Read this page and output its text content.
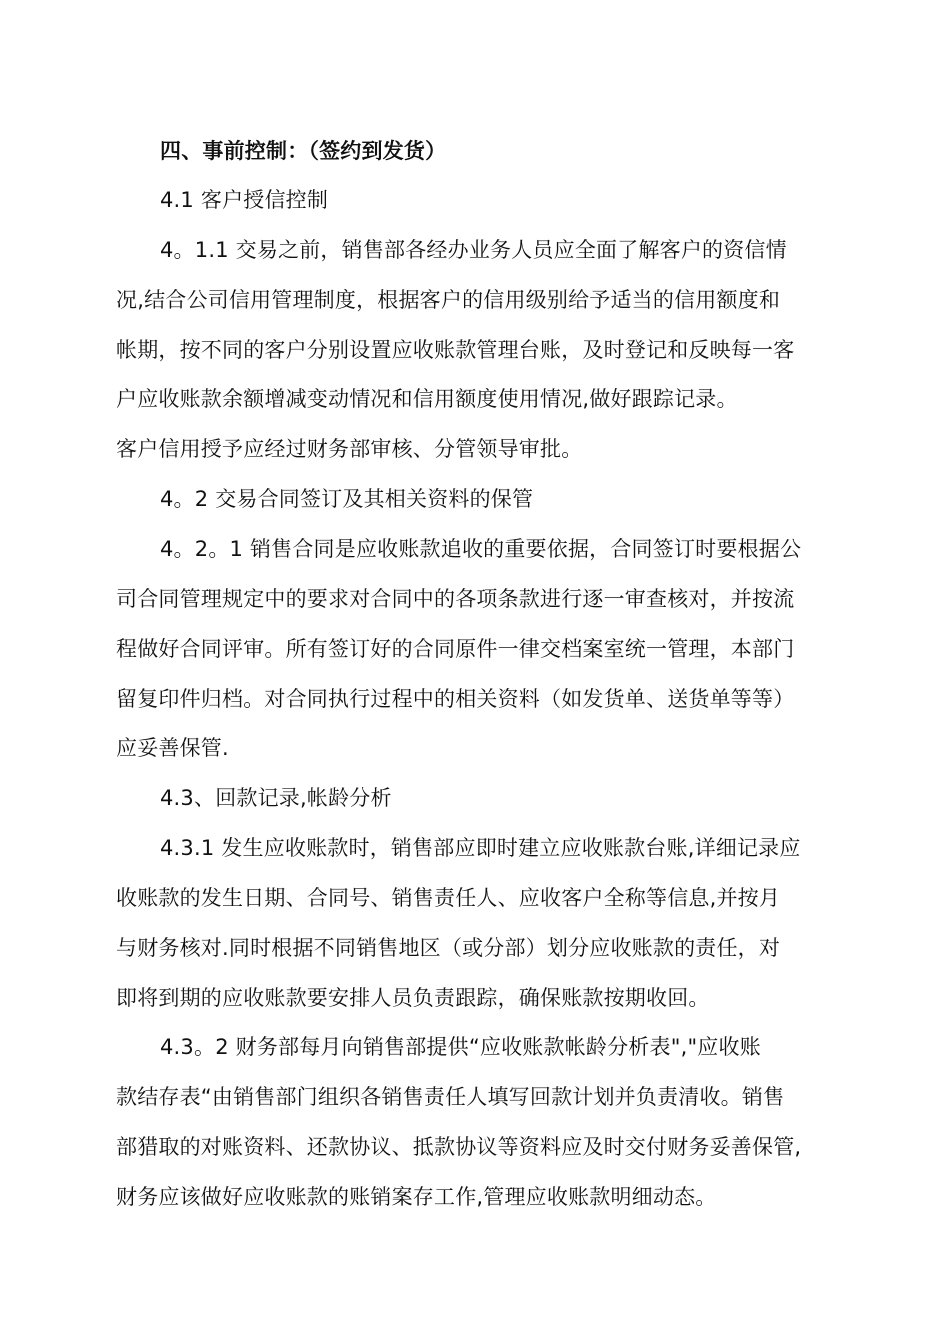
四、事前控制：（签约到发货）
4.1 客户授信控制
4。1.1 交易之前，销售部各经办业务人员应全面了解客户的资信情
况,结合公司信用管理制度，根据客户的信用级别给予适当的信用额度和
帐期，按不同的客户分别设置应收账款管理台账，及时登记和反映每一客
户应收账款余额增减变动情况和信用额度使用情况,做好跟踪记录。
客户信用授予应经过财务部审核、分管领导审批。
4。2 交易合同签订及其相关资料的保管
4。2。1 销售合同是应收账款追收的重要依据，合同签订时要根据公
司合同管理规定中的要求对合同中的各项条款进行逐一审查核对，并按流
程做好合同评审。所有签订好的合同原件一律交档案室统一管理，本部门
留复印件归档。对合同执行过程中的相关资料（如发货单、送货单等等）
应妥善保管.
4.3、回款记录,帐龄分析
4.3.1 发生应收账款时，销售部应即时建立应收账款台账,详细记录应
收账款的发生日期、合同号、销售责任人、应收客户全称等信息,并按月
与财务核对.同时根据不同销售地区（或分部）划分应收账款的责任，对
即将到期的应收账款要安排人员负责跟踪，确保账款按期收回。
4.3。2 财务部每月向销售部提供“应收账款帐龄分析表","应收账
款结存表“由销售部门组织各销售责任人填写回款计划并负责清收。销售
部猎取的对账资料、还款协议、抵款协议等资料应及时交付财务妥善保管,
财务应该做好应收账款的账销案存工作,管理应收账款明细动态。
